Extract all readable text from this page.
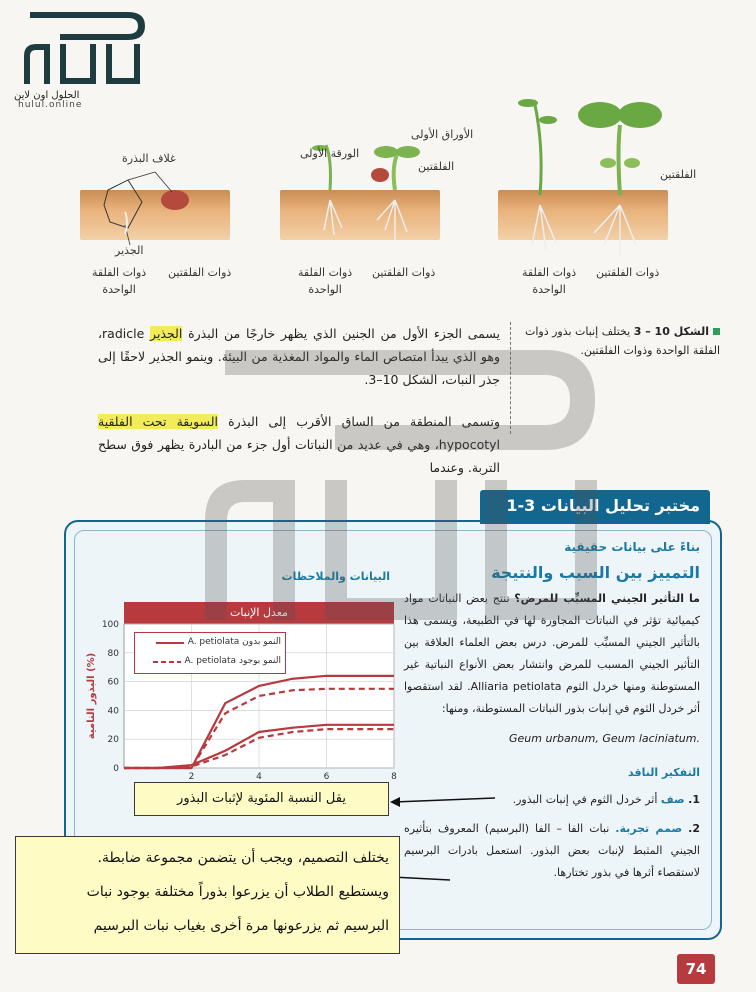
الحلول اون لاين
hulul.online
غلاف البذرة
الجذير
ذوات الفلقتين
ذوات الفلقة
الواحدة
الورقة الأولى
الأوراق الأولى
الفلقتين
ذوات الفلقتين
ذوات الفلقة
الواحدة
الفلقتين
ذوات الفلقتين
ذوات الفلقة
الواحدة
الشكل 10 – 3 يختلف إنبات بذور ذوات الفلقة الواحدة وذوات الفلقتين.
يسمى الجزء الأول من الجنين الذي يظهر خارجًا من البذرة الجذير radicle، وهو الذي يبدأ امتصاص الماء والمواد المغذية من البيئة. وينمو الجذير لاحقًا إلى جذر النبات، الشكل 10–3.
وتسمى المنطقة من الساق الأقرب إلى البذرة السويقة تحت الفلقية hypocotyl، وهي في عديد من النباتات أول جزء من البادرة يظهر فوق سطح التربة. وعندما
مختبر تحليل البيانات 3-1
بناءً على بيانات حقيقية
التمييز بين السبب والنتيجة
ما التأثير الجيني المسبِّب للمرض؟ تنتج بعض النباتات مواد كيميائية تؤثر في النباتات المجاورة لها في الطبيعة، ويسمى هذا بالتأثير الجيني المسبِّب للمرض. درس بعض العلماء العلاقة بين التأثير الجيني المسبب للمرض وانتشار بعض الأنواع النباتية غير المستوطنة ومنها خردل الثوم Alliaria petiolata. لقد استقصوا أثر خردل الثوم في إنبات بذور النباتات المستوطنة، ومنها:
Geum urbanum, Geum laciniatum.
البيانات والملاحظات
التفكير الناقد
1. صف أثر خردل الثوم في إنبات البذور.
2. صمم تجربة. نبات الفا – الفا (البرسيم) المعروف بتأثيره الجيني المثبط لإنبات بعض البذور. استعمل بادرات البرسيم لاستقصاء أثرها في بذور تختارها.
معدل الإنبات
0
20
40
60
80
100
2	4	6	8
البذور النامية (%)
النمو بدون A. petiolata
النمو بوجود A. petiolata
يقل النسبة المئوية لإثبات البذور
يختلف التصميم، ويجب أن يتضمن مجموعة ضابطة.
ويستطيع الطلاب أن يزرعوا بذوراً مختلفة بوجود نبات
البرسيم ثم يزرعونها مرة أخرى بغياب نبات البرسيم
74
